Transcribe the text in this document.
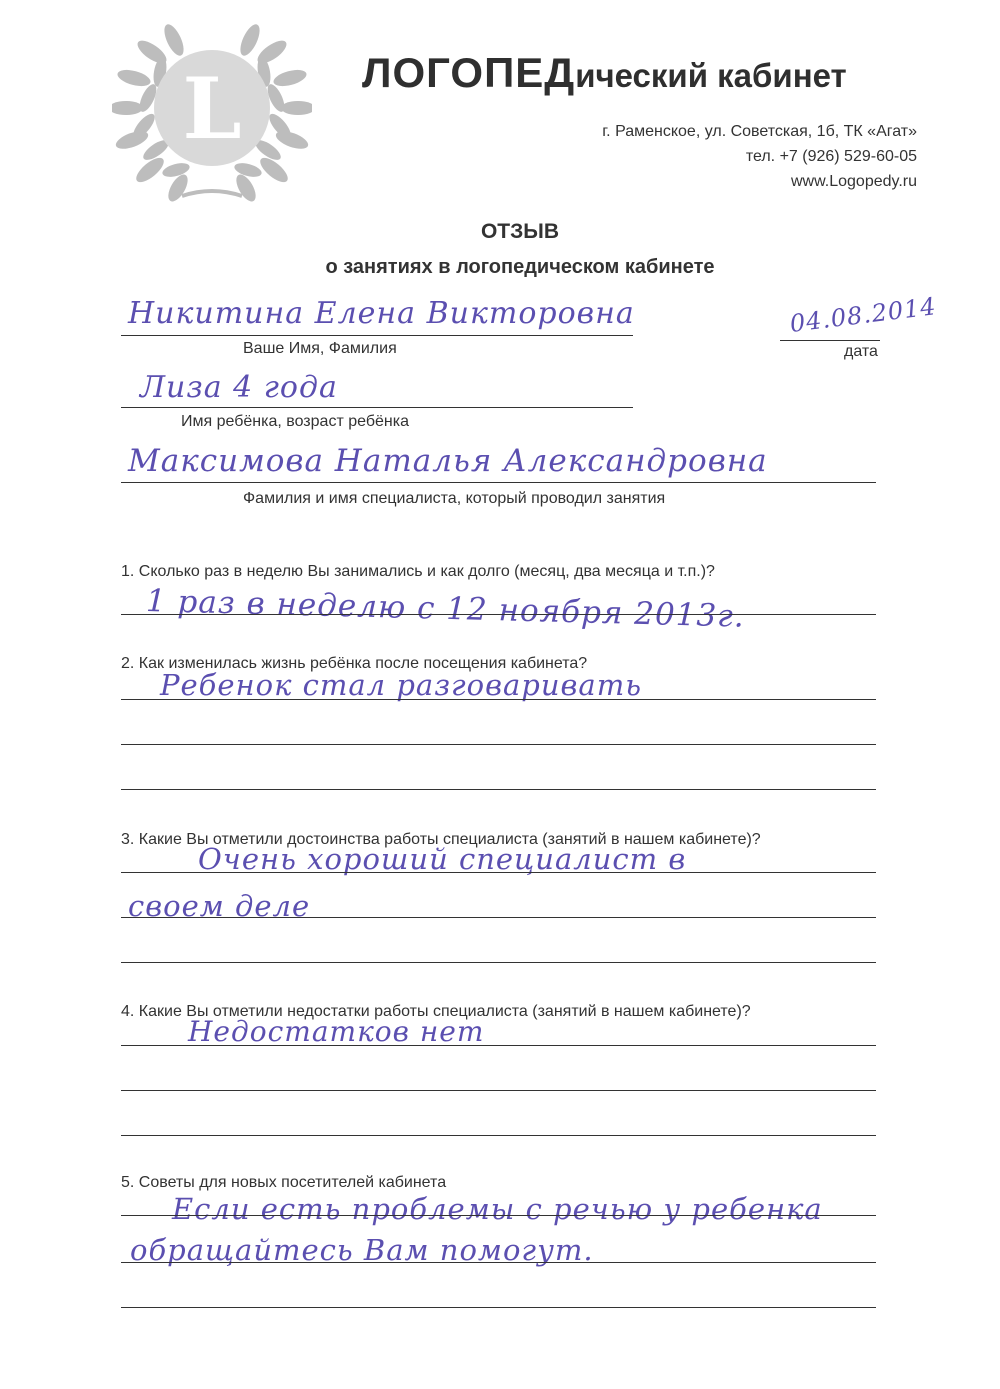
L	ЛОГОПЕДический кабинет
г. Раменское, ул. Советская, 1б, ТК «Агат»
тел. +7 (926) 529-60-05
www.Logopedy.ru
ОТЗЫВ
о занятиях в логопедическом кабинете
Никитина Елена Викторовна
Ваше Имя, Фамилия
04.08.2014
дата
Лиза 4 года
Имя ребёнка, возраст ребёнка
Максимова Наталья Александровна
Фамилия и имя специалиста, который проводил занятия
1. Сколько раз в неделю Вы занимались и как долго (месяц, два месяца и т.п.)?
1 раз в неделю с 12 ноября 2013г.
2. Как изменилась жизнь ребёнка после посещения кабинета?
Ребенок стал разговаривать
3. Какие Вы отметили достоинства работы специалиста (занятий в нашем кабинете)?
Очень хороший специалист в
своем деле
4. Какие Вы отметили недостатки работы специалиста (занятий в нашем кабинете)?
Недостатков нет
5. Советы для новых посетителей кабинета
Если есть проблемы с речью у ребенка
обращайтесь Вам помогут.
